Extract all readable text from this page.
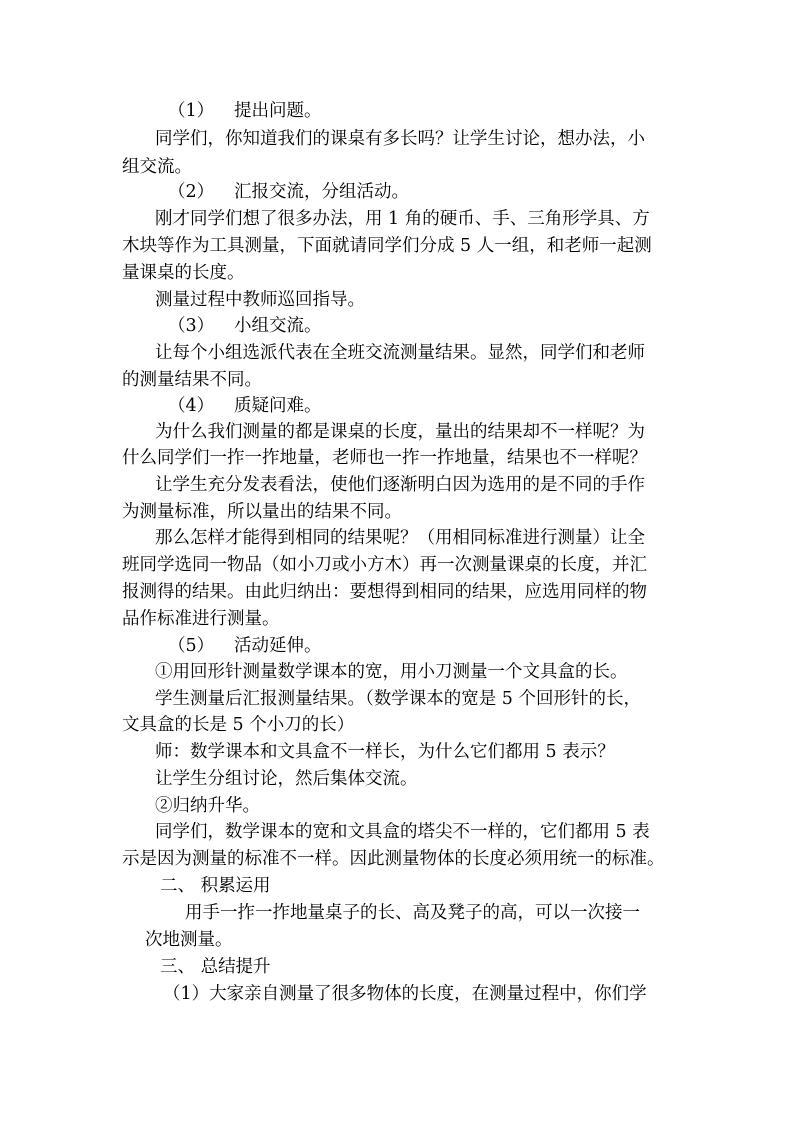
（1） 提出问题。
同学们，你知道我们的课桌有多长吗？让学生讨论，想办法，小
组交流。
（2） 汇报交流，分组活动。
刚才同学们想了很多办法，用 1 角的硬币、手、三角形学具、方
木块等作为工具测量，下面就请同学们分成 5 人一组，和老师一起测
量课桌的长度。
测量过程中教师巡回指导。
（3） 小组交流。
让每个小组选派代表在全班交流测量结果。显然，同学们和老师
的测量结果不同。
（4） 质疑问难。
为什么我们测量的都是课桌的长度，量出的结果却不一样呢？为
什么同学们一拃一拃地量，老师也一拃一拃地量，结果也不一样呢？
让学生充分发表看法，使他们逐渐明白因为选用的是不同的手作
为测量标准，所以量出的结果不同。
那么怎样才能得到相同的结果呢？（用相同标准进行测量）让全
班同学选同一物品（如小刀或小方木）再一次测量课桌的长度，并汇
报测得的结果。由此归纳出：要想得到相同的结果，应选用同样的物
品作标准进行测量。
（5） 活动延伸。
①用回形针测量数学课本的宽，用小刀测量一个文具盒的长。
学生测量后汇报测量结果。（数学课本的宽是 5 个回形针的长，
文具盒的长是 5 个小刀的长）
师：数学课本和文具盒不一样长，为什么它们都用 5 表示？
让学生分组讨论，然后集体交流。
②归纳升华。
同学们，数学课本的宽和文具盒的塔尖不一样的，它们都用 5 表
示是因为测量的标准不一样。因此测量物体的长度必须用统一的标准。
二、 积累运用
用手一拃一拃地量桌子的长、高及凳子的高，可以一次接一
次地测量。
三、 总结提升
（1）大家亲自测量了很多物体的长度，在测量过程中，你们学
